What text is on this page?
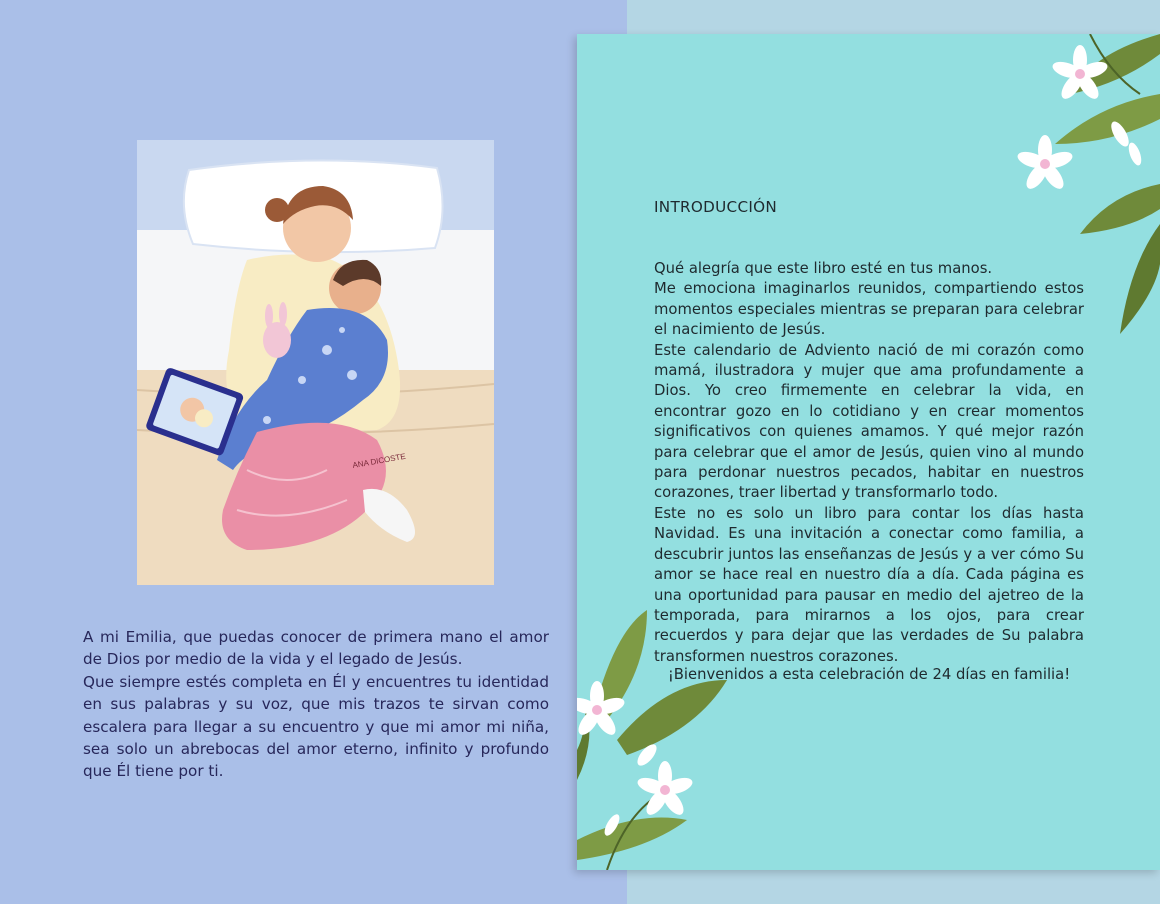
ANA DICOSTE

A mi Emilia, que puedas conocer de primera mano el amor de Dios por medio de la vida y el legado de Jesús.

Que siempre estés completa en Él y encuentres tu identidad en sus palabras y su voz, que mis trazos te sirvan como escalera para llegar a su encuentro y que mi amor mi niña, sea solo un abrebocas del amor eterno, infinito y profundo que Él tiene por ti.

INTRODUCCIÓN

Qué alegría que este libro esté en tus manos.

Me emociona imaginarlos reunidos, compartiendo estos momentos especiales mientras se preparan para celebrar el nacimiento de Jesús.

Este calendario de Adviento nació de mi corazón como mamá, ilustradora y mujer que ama profundamente a Dios. Yo creo firmemente en celebrar la vida, en encontrar gozo en lo cotidiano y en crear momentos significativos con quienes amamos. Y qué mejor razón para celebrar que el amor de Jesús, quien vino al mundo para perdonar nuestros pecados, habitar en nuestros corazones, traer libertad y transformarlo todo.

Este no es solo un libro para contar los días hasta Navidad. Es una invitación a conectar como familia, a descubrir juntos las enseñanzas de Jesús y a ver cómo Su amor se hace real en nuestro día a día. Cada página es una oportunidad para pausar en medio del ajetreo de la temporada, para mirarnos a los ojos, para crear recuerdos y para dejar que las verdades de Su palabra transformen nuestros corazones.

¡Bienvenidos a esta celebración de 24 días en familia!
